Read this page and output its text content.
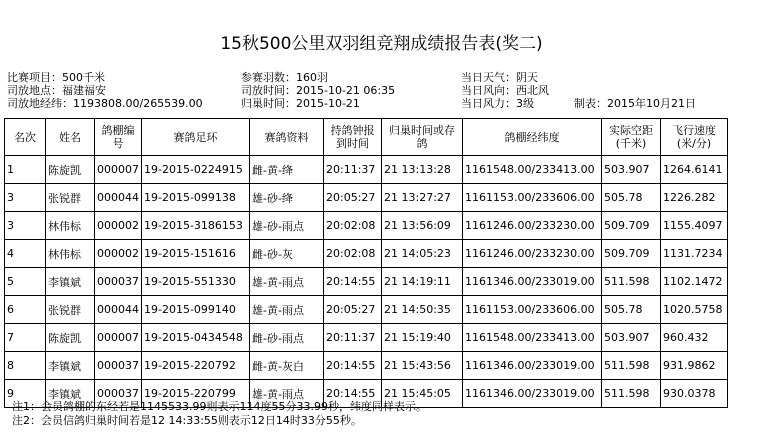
15秋500公里双羽组竞翔成绩报告表(奖二)
比赛项目：500千米
司放地点：福建福安
司放地经纬：1193808.00/265539.00
参赛羽数：160羽
司放时间：2015-10-21 06:35
归巢时间：2015-10-21
当日天气：阴天
当日风向：西北风
当日风力：3级	制表：2015年10月21日
名次	姓名	鸽棚编号	赛鸽足环	赛鸽资料	持鸽钟报到时间	归巢时间或存鸽	鸽棚经纬度	实际空距(千米)	飞行速度(米/分)
1	陈旋凯	000007	19-2015-0224915	雌-黄-绛	20:11:37	21 13:13:28	1161548.00/233413.00	503.907	1264.6141
3	张锐群	000044	19-2015-099138	雄-砂-绛	20:05:27	21 13:27:27	1161153.00/233606.00	505.78	1226.282
3	林伟标	000002	19-2015-3186153	雄-砂-雨点	20:02:08	21 13:56:09	1161246.00/233230.00	509.709	1155.4097
4	林伟标	000002	19-2015-151616	雌-砂-灰	20:02:08	21 14:05:23	1161246.00/233230.00	509.709	1131.7234
5	李镇斌	000037	19-2015-551330	雄-黄-雨点	20:14:55	21 14:19:11	1161346.00/233019.00	511.598	1102.1472
6	张锐群	000044	19-2015-099140	雄-黄-雨点	20:05:27	21 14:50:35	1161153.00/233606.00	505.78	1020.5758
7	陈旋凯	000007	19-2015-0434548	雌-砂-雨点	20:11:37	21 15:19:40	1161548.00/233413.00	503.907	960.432
8	李镇斌	000037	19-2015-220792	雌-黄-灰白	20:14:55	21 15:43:56	1161346.00/233019.00	511.598	931.9862
9	李镇斌	000037	19-2015-220799	雄-黄-雨点	20:14:55	21 15:45:05	1161346.00/233019.00	511.598	930.0378
注1：会员鸽棚的东经若是1145533.99则表示114度55分33.99秒，纬度同样表示。
注2：会员信鸽归巢时间若是12 14:33:55则表示12日14时33分55秒。
